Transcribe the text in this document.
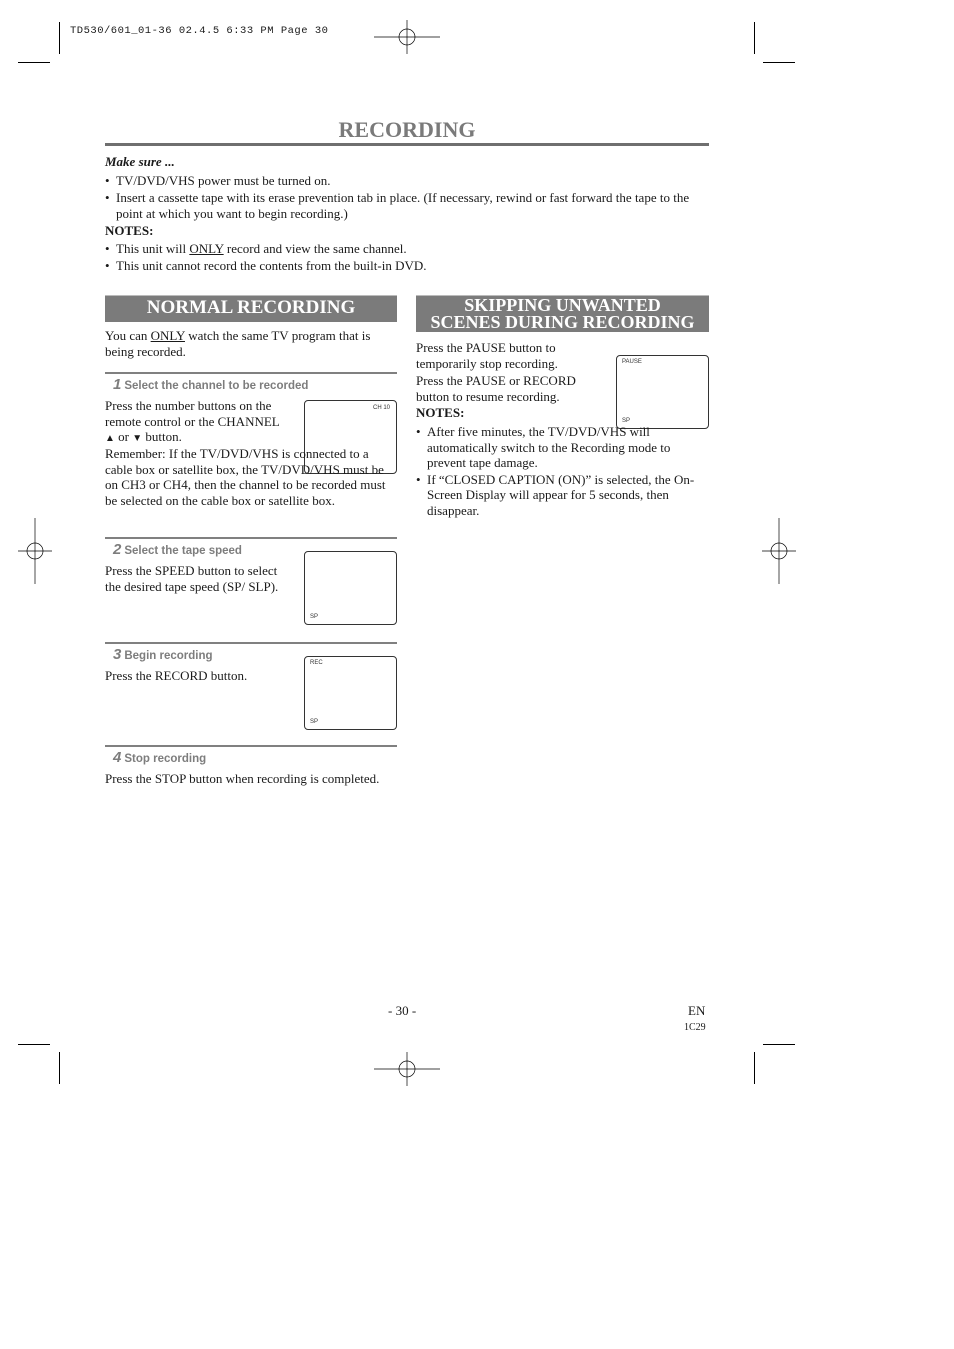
TD530/601_01-36 02.4.5 6:33 PM Page 30
RECORDING

Make sure ...

• TV/DVD/VHS power must be turned on.

• Insert a cassette tape with its erase prevention tab in place. (If necessary, rewind or fast forward the tape to the point at which you want to begin recording.)

NOTES:

• This unit will ONLY record and view the same channel.

• This unit cannot record the contents from the built-in DVD.

NORMAL RECORDING

You can ONLY watch the same TV program that is being recorded.

1 Select the channel to be recorded
CH 10

Press the number buttons on the remote control or the CHANNEL
▲ or ▼ button.

Remember: If the TV/DVD/VHS is connected to a cable box or satellite box, the TV/DVD/VHS must be on CH3 or CH4, then the channel to be recorded must be selected on the cable box or satellite box.

2 Select the tape speed
Press the SPEED button to select the desired tape speed (SP/ SLP).
SP
3 Begin recording
Press the RECORD button.
REC
SP
4 Stop recording
Press the STOP button when recording is completed.
SKIPPING UNWANTED
SCENES DURING RECORDING
PAUSE
SP

Press the PAUSE button to temporarily stop recording.

Press the PAUSE or RECORD button to resume recording.

NOTES:

• After five minutes, the TV/DVD/VHS will automatically switch to the Recording mode to prevent tape damage.

• If “CLOSED CAPTION (ON)” is selected, the On-Screen Display will appear for 5 seconds, then disappear.

- 30 -	EN
1C29
